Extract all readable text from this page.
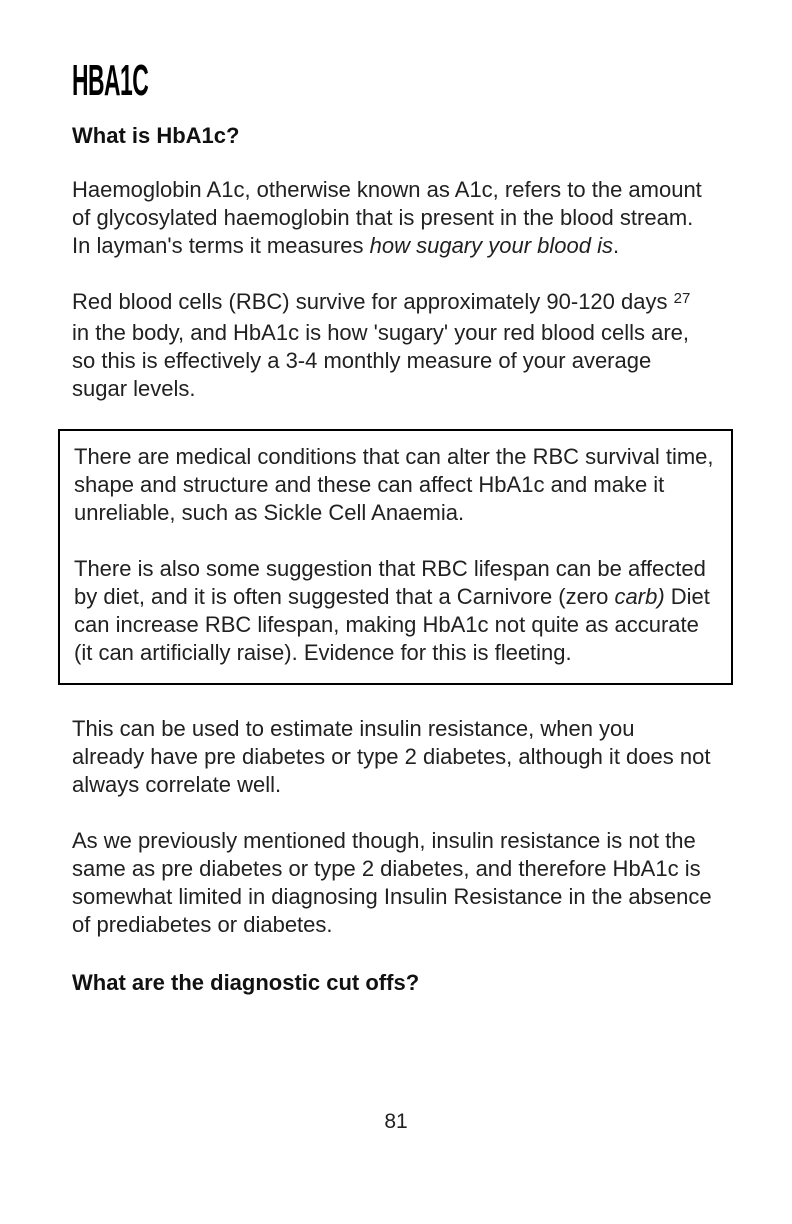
HBA1C
What is HbA1c?

Haemoglobin A1c, otherwise known as A1c, refers to the amount of glycosylated haemoglobin that is present in the blood stream. In layman's terms it measures how sugary your blood is.

Red blood cells (RBC) survive for approximately 90-120 days $^{27}$ in the body, and HbA1c is how 'sugary' your red blood cells are, so this is effectively a 3-4 monthly measure of your average sugar levels.

There are medical conditions that can alter the RBC survival time, shape and structure and these can affect HbA1c and make it unreliable, such as Sickle Cell Anaemia.

There is also some suggestion that RBC lifespan can be affected by diet, and it is often suggested that a Carnivore (zero carb) Diet can increase RBC lifespan, making HbA1c not quite as accurate (it can artificially raise). Evidence for this is fleeting.

This can be used to estimate insulin resistance, when you already have pre diabetes or type 2 diabetes, although it does not always correlate well.

As we previously mentioned though, insulin resistance is not the same as pre diabetes or type 2 diabetes, and therefore HbA1c is somewhat limited in diagnosing Insulin Resistance in the absence of prediabetes or diabetes.

What are the diagnostic cut offs?
81
